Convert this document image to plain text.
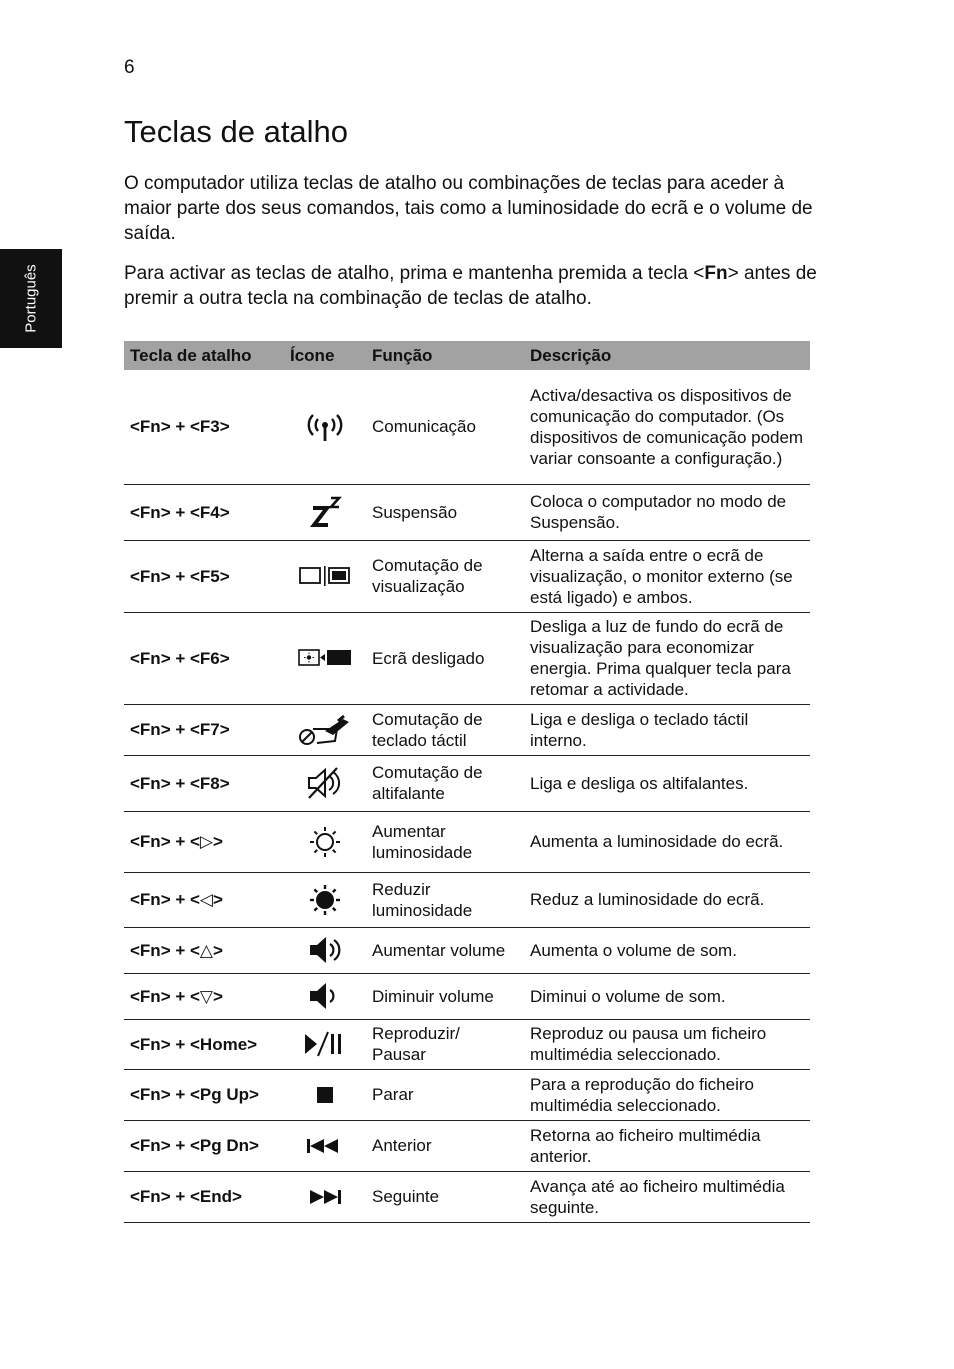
6
Português
Teclas de atalho

O computador utiliza teclas de atalho ou combinações de teclas para aceder à maior parte dos seus comandos, tais como a luminosidade do ecrã e o volume de saída.

Para activar as teclas de atalho, prima e mantenha premida a tecla <Fn> antes de premir a outra tecla na combinação de teclas de atalho.

Tecla de atalho	Ícone	Função	Descrição
<Fn> + <F3>		Comunicação	Activa/desactiva os dispositivos de comunicação do computador. (Os dispositivos de comunicação podem variar consoante a configuração.)
<Fn> + <F4>		Suspensão	Coloca o computador no modo de Suspensão.
<Fn> + <F5>		Comutação de visualização	Alterna a saída entre o ecrã de visualização, o monitor externo (se está ligado) e ambos.
<Fn> + <F6>		Ecrã desligado	Desliga a luz de fundo do ecrã de visualização para economizar energia. Prima qualquer tecla para retomar a actividade.
<Fn> + <F7>		Comutação de teclado táctil	Liga e desliga o teclado táctil interno.
<Fn> + <F8>		Comutação de altifalante	Liga e desliga os altifalantes.
<Fn> + <▷>		Aumentar luminosidade	Aumenta a luminosidade do ecrã.
<Fn> + <◁>		Reduzir luminosidade	Reduz a luminosidade do ecrã.
<Fn> + <△>		Aumentar volume	Aumenta o volume de som.
<Fn> + <▽>		Diminuir volume	Diminui o volume de som.
<Fn> + <Home>		Reproduzir/ Pausar	Reproduz ou pausa um ficheiro multimédia seleccionado.
<Fn> + <Pg Up>		Parar	Para a reprodução do ficheiro multimédia seleccionado.
<Fn> + <Pg Dn>		Anterior	Retorna ao ficheiro multimédia anterior.
<Fn> + <End>		Seguinte	Avança até ao ficheiro multimédia seguinte.
